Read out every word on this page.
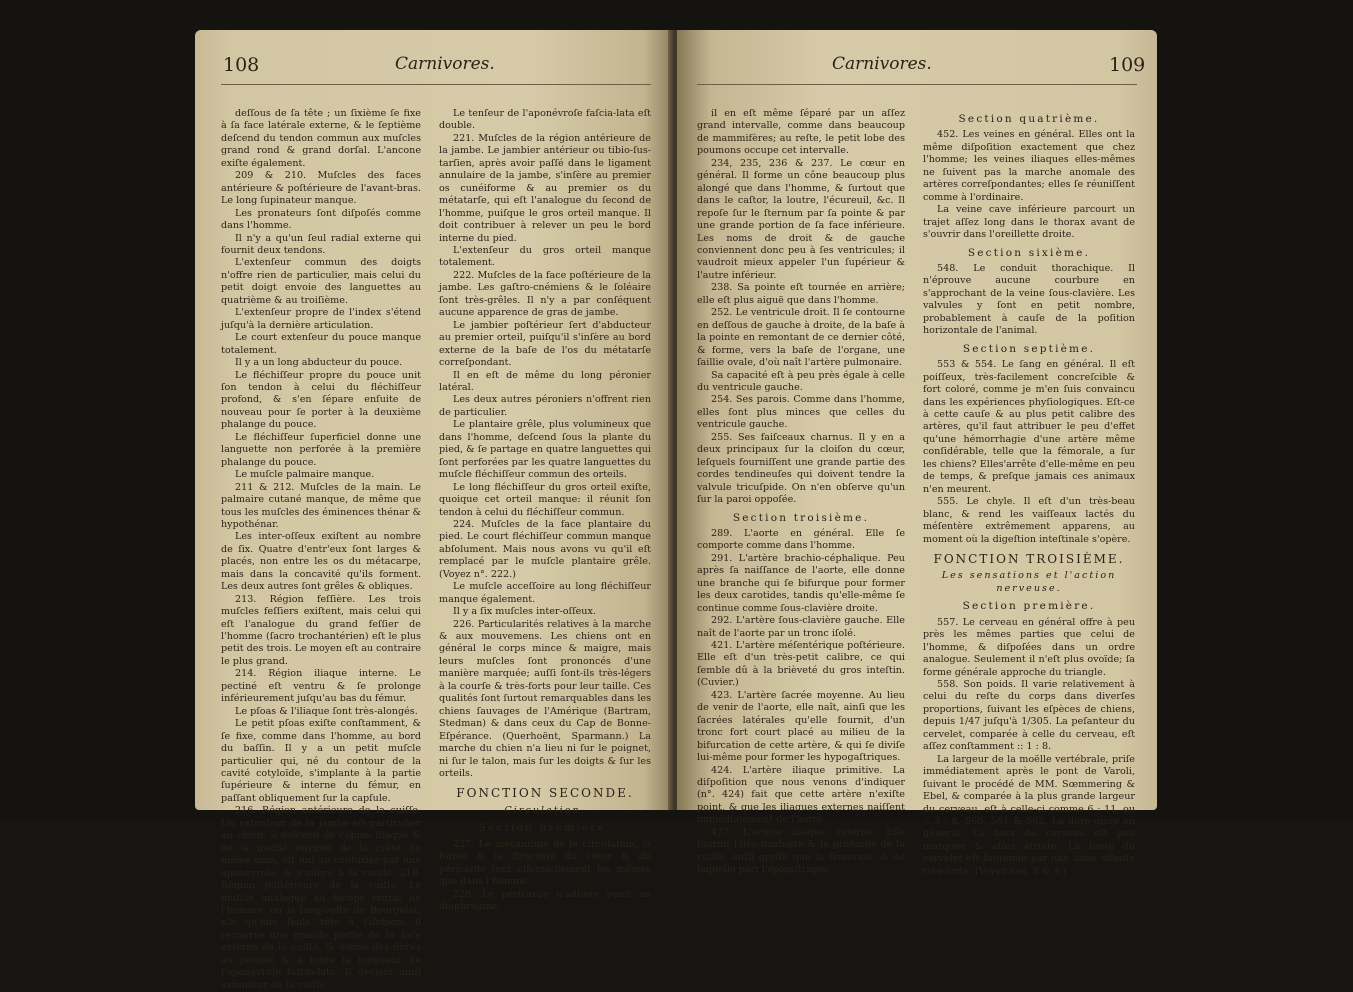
108	Carnivores.

deſſous de ſa tête ; un ſixième ſe fixe à ſa face latérale externe, & le ſeptième deſcend du tendon commun aux muſcles grand rond & grand dorſal. L'ancone exiſte également.

209 & 210. Muſcles des faces antérieure & poſtérieure de l'avant-bras. Le long ſupinateur manque.

Les pronateurs ſont diſpoſés comme dans l'homme.

Il n'y a qu'un ſeul radial externe qui fournit deux tendons.

L'extenſeur commun des doigts n'offre rien de particulier, mais celui du petit doigt envoie des languettes au quatrième & au troiſième.

L'extenſeur propre de l'index s'étend juſqu'à la dernière articulation.

Le court extenſeur du pouce manque totalement.

Il y a un long abducteur du pouce.

Le fléchiſſeur propre du pouce unit ſon tendon à celui du fléchiſſeur profond, & s'en ſépare enſuite de nouveau pour ſe porter à la deuxième phalange du pouce.

Le fléchiſſeur ſuperficiel donne une languette non perforée à la première phalange du pouce.

Le muſcle palmaire manque.

211 & 212. Muſcles de la main. Le palmaire cutané manque, de même que tous les muſcles des éminences thénar & hypothénar.

Les inter-oſſeux exiſtent au nombre de ſix. Quatre d'entr'eux ſont larges & placés, non entre les os du métacarpe, mais dans la concavité qu'ils forment. Les deux autres ſont grêles & obliques.

213. Région feſſière. Les trois muſcles feſſiers exiſtent, mais celui qui eſt l'analogue du grand feſſier de l'homme (ſacro trochantérien) eſt le plus petit des trois. Le moyen eſt au contraire le plus grand.

214. Région iliaque interne. Le pectiné eſt ventru & ſe prolonge inférieurement juſqu'au bas du fémur.

Le pſoas & l'iliaque ſont très-alongés.

Le petit pſoas exiſte conſtamment, & ſe fixe, comme dans l'homme, au bord du baſſin. Il y a un petit muſcle particulier qui, né du contour de la cavité cotyloïde, s'implante à la partie ſupérieure & interne du fémur, en paſſant obliquement ſur la capſule.

216. Région antérieure de la cuiſſe. Un extenſeur de la jambe eſt particulier au chien; il deſcend de l'épine iliaque & de la moitié environ de la crête du même nom, eſt uni au couturier par une aponévroſe, & s'inſère à la rotule. 218. Région poſtérieure de la cuiſſe. Le muſcle analogue au biceps crural de l'homme, ou le long-vaſte de Bourgelat, n'a qu'une ſeule tête à l'iſchion; il recouvre une grande partie de la face externe de la cuiſſe, & donne des fibres au péroné & à toute la longueur de l'aponévroſe faſcia-lata. Il devient ainſi extenſeur de la cuiſſe.

Le tenſeur de l'aponévroſe faſcia-lata eſt double.

221. Muſcles de la région antérieure de la jambe. Le jambier antérieur ou tibio-ſus-tarſien, après avoir paſſé dans le ligament annulaire de la jambe, s'inſère au premier os cunéiforme & au premier os du métatarſe, qui eſt l'analogue du ſecond de l'homme, puiſque le gros orteil manque. Il doit contribuer à relever un peu le bord interne du pied.

L'extenſeur du gros orteil manque totalement.

222. Muſcles de la face poſtérieure de la jambe. Les gaſtro-cnémiens & le ſoléaire ſont très-grêles. Il n'y a par conſéquent aucune apparence de gras de jambe.

Le jambier poſtérieur ſert d'abducteur au premier orteil, puiſqu'il s'inſère au bord externe de la baſe de l'os du métatarſe correſpondant.

Il en eſt de même du long péronier latéral.

Les deux autres péroniers n'offrent rien de particulier.

Le plantaire grêle, plus volumineux que dans l'homme, deſcend ſous la plante du pied, & ſe partage en quatre languettes qui ſont perforées par les quatre languettes du muſcle fléchiſſeur commun des orteils.

Le long fléchiſſeur du gros orteil exiſte, quoique cet orteil manque: il réunit ſon tendon à celui du fléchiſſeur commun.

224. Muſcles de la face plantaire du pied. Le court fléchiſſeur commun manque abſolument. Mais nous avons vu qu'il eſt remplacé par le muſcle plantaire grêle. (Voyez n°. 222.)

Le muſcle acceſſoire au long fléchiſſeur manque également.

Il y a ſix muſcles inter-oſſeux.

226. Particularités relatives à la marche & aux mouvemens. Les chiens ont en général le corps mince & maigre, mais leurs muſcles ſont prononcés d'une manière marquée; auſſi ſont-ils très-légers à la courſe & très-forts pour leur taille. Ces qualités ſont ſurtout remarquables dans les chiens ſauvages de l'Amérique (Bartram, Stedman) & dans ceux du Cap de Bonne-Eſpérance. (Querhoënt, Sparmann.) La marche du chien n'a lieu ni ſur le poignet, ni ſur le talon, mais ſur les doigts & ſur les orteils.

FONCTION SECONDE.

Circulation.

Section première.

227. Le mécaniſme de la circulation, la forme & la ſtructure du cœur & du péricarde ſont eſſentiellement les mêmes que dans l'homme.

228. Le péricarde n'adhère point au diaphragme:

Carnivores.	109

il en eſt même ſéparé par un aſſez grand intervalle, comme dans beaucoup de mammifères; au reſte, le petit lobe des poumons occupe cet intervalle.

234, 235, 236 & 237. Le cœur en général. Il forme un cône beaucoup plus alongé que dans l'homme, & ſurtout que dans le caſtor, la loutre, l'écureuil, &c. Il repoſe ſur le ſternum par ſa pointe & par une grande portion de ſa face inférieure. Les noms de droit & de gauche conviennent donc peu à ſes ventricules; il vaudroit mieux appeler l'un ſupérieur & l'autre inférieur.

238. Sa pointe eſt tournée en arrière; elle eſt plus aiguë que dans l'homme.

252. Le ventricule droit. Il ſe contourne en deſſous de gauche à droite, de la baſe à la pointe en remontant de ce dernier côté, & forme, vers la baſe de l'organe, une ſaillie ovale, d'où naît l'artère pulmonaire.

Sa capacité eſt à peu près égale à celle du ventricule gauche.

254. Ses parois. Comme dans l'homme, elles ſont plus minces que celles du ventricule gauche.

255. Ses faiſceaux charnus. Il y en a deux principaux ſur la cloiſon du cœur, leſquels fourniſſent une grande partie des cordes tendineuſes qui doivent tendre la valvule tricuſpide. On n'en obſerve qu'un ſur la paroi oppoſée.

Section troisième.

289. L'aorte en général. Elle ſe comporte comme dans l'homme.

291. L'artère brachio-céphalique. Peu après ſa naiſſance de l'aorte, elle donne une branche qui ſe bifurque pour former les deux carotides, tandis qu'elle-même ſe continue comme ſous-clavière droite.

292. L'artère ſous-clavière gauche. Elle naît de l'aorte par un tronc iſolé.

421. L'artère méſentérique poſtérieure. Elle eſt d'un très-petit calibre, ce qui ſemble dû à la brièveté du gros inteſtin. (Cuvier.)

423. L'artère ſacrée moyenne. Au lieu de venir de l'aorte, elle naît, ainſi que les ſacrées latérales qu'elle fournit, d'un tronc fort court placé au milieu de la bifurcation de cette artère, & qui ſe diviſe lui-même pour former les hypogaſtriques.

424. L'artère iliaque primitive. La diſpoſition que nous venons d'indiquer (n°. 424) fait que cette artère n'exiſte point, & que les iliaques externes naiſſent immédiatement de l'aorte.

437. L'artère iliaque externe. Elle fournit l'iléo-lombaire & la profonde de la cuiſſe, auſſi groſſe que la fémorale, & de laquelle part l'épigaſtrique.

Section quatrième.

452. Les veines en général. Elles ont la même diſpoſition exactement que chez l'homme; les veines iliaques elles-mêmes ne ſuivent pas la marche anomale des artères correſpondantes; elles ſe réuniſſent comme à l'ordinaire.

La veine cave inférieure parcourt un trajet aſſez long dans le thorax avant de s'ouvrir dans l'oreillette droite.

Section sixième.

548. Le conduit thorachique. Il n'éprouve aucune courbure en s'approchant de la veine ſous-clavière. Les valvules y ſont en petit nombre, probablement à cauſe de la poſition horizontale de l'animal.

Section septième.

553 & 554. Le ſang en général. Il eſt poiſſeux, très-facilement concreſcible & fort coloré, comme je m'en ſuis convaincu dans les expériences phyſiologiques. Eſt-ce à cette cauſe & au plus petit calibre des artères, qu'il faut attribuer le peu d'effet qu'une hémorrhagie d'une artère même conſidérable, telle que la fémorale, a ſur les chiens? Elles'arrête d'elle-même en peu de temps, & preſque jamais ces animaux n'en meurent.

555. Le chyle. Il eſt d'un très-beau blanc, & rend les vaiſſeaux lactés du méſentère extrêmement apparens, au moment où la digeſtion inteſtinale s'opère.

FONCTION TROISIÈME.

Les sensations et l'action nerveuse.

Section première.

557. Le cerveau en général offre à peu près les mêmes parties que celui de l'homme, & diſpoſées dans un ordre analogue. Seulement il n'eſt plus ovoïde; ſa forme générale approche du triangle.

558. Son poids. Il varie relativement à celui du reſte du corps dans diverſes proportions, ſuivant les eſpèces de chiens, depuis 1/47 juſqu'à 1/305. La peſanteur du cervelet, comparée à celle du cerveau, eſt aſſez conſtamment :: 1 : 8.

La largeur de la moëlle vertébrale, priſe immédiatement après le pont de Varoli, ſuivant le procédé de MM. Sœmmering & Ebel, & comparée à la plus grande largeur du cerveau, eſt à celle-ci comme 6 : 11, ou :: 3 : 8. 560, 561 & 562. La dure-mère en général. La faux du cerveau eſt peu marquée & aſſez étroite. La tente du cervelet eſt ſoutenue par une lame oſſeuſe très-forte. (Voyez nos. 3 & 4.)
